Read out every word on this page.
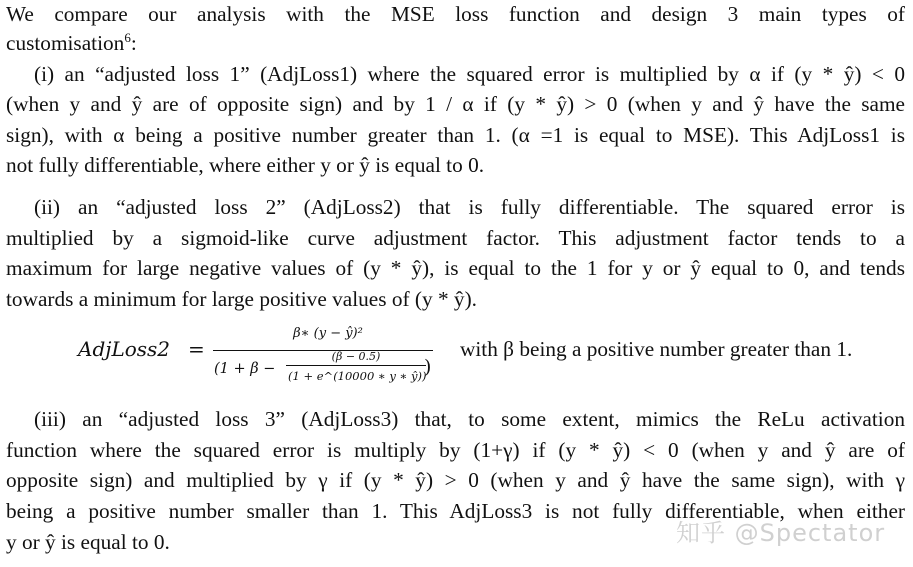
We compare our analysis with the MSE loss function and design 3 main types of
customisation$^6$:
(i) an “adjusted loss 1” (AdjLoss1) where the squared error is multiplied by α if (y * ŷ) < 0
(when y and ŷ are of opposite sign) and by 1 / α if (y * ŷ) > 0 (when y and ŷ have the same
sign), with α being a positive number greater than 1. (α =1 is equal to MSE). This AdjLoss1 is
not fully differentiable, where either y or ŷ is equal to 0.
(ii) an “adjusted loss 2” (AdjLoss2) that is fully differentiable. The squared error is
multiplied by a sigmoid-like curve adjustment factor. This adjustment factor tends to a
maximum for large negative values of (y * ŷ), is equal to the 1 for y or ŷ equal to 0, and tends
towards a minimum for large positive values of (y * ŷ).
AdjLoss2 =
β∗ (y − ŷ)²
(1 + β −
(β − 0.5)
(1 + e^(10000 ∗ y ∗ ŷ))
)
with β being a positive number greater than 1.
(iii) an “adjusted loss 3” (AdjLoss3) that, to some extent, mimics the ReLu activation
function where the squared error is multiply by (1+γ) if (y * ŷ) < 0 (when y and ŷ are of
opposite sign) and multiplied by γ if (y * ŷ) > 0 (when y and ŷ have the same sign), with γ
being a positive number smaller than 1. This AdjLoss3 is not fully differentiable, when either
y or ŷ is equal to 0.	知乎 @Spectator
